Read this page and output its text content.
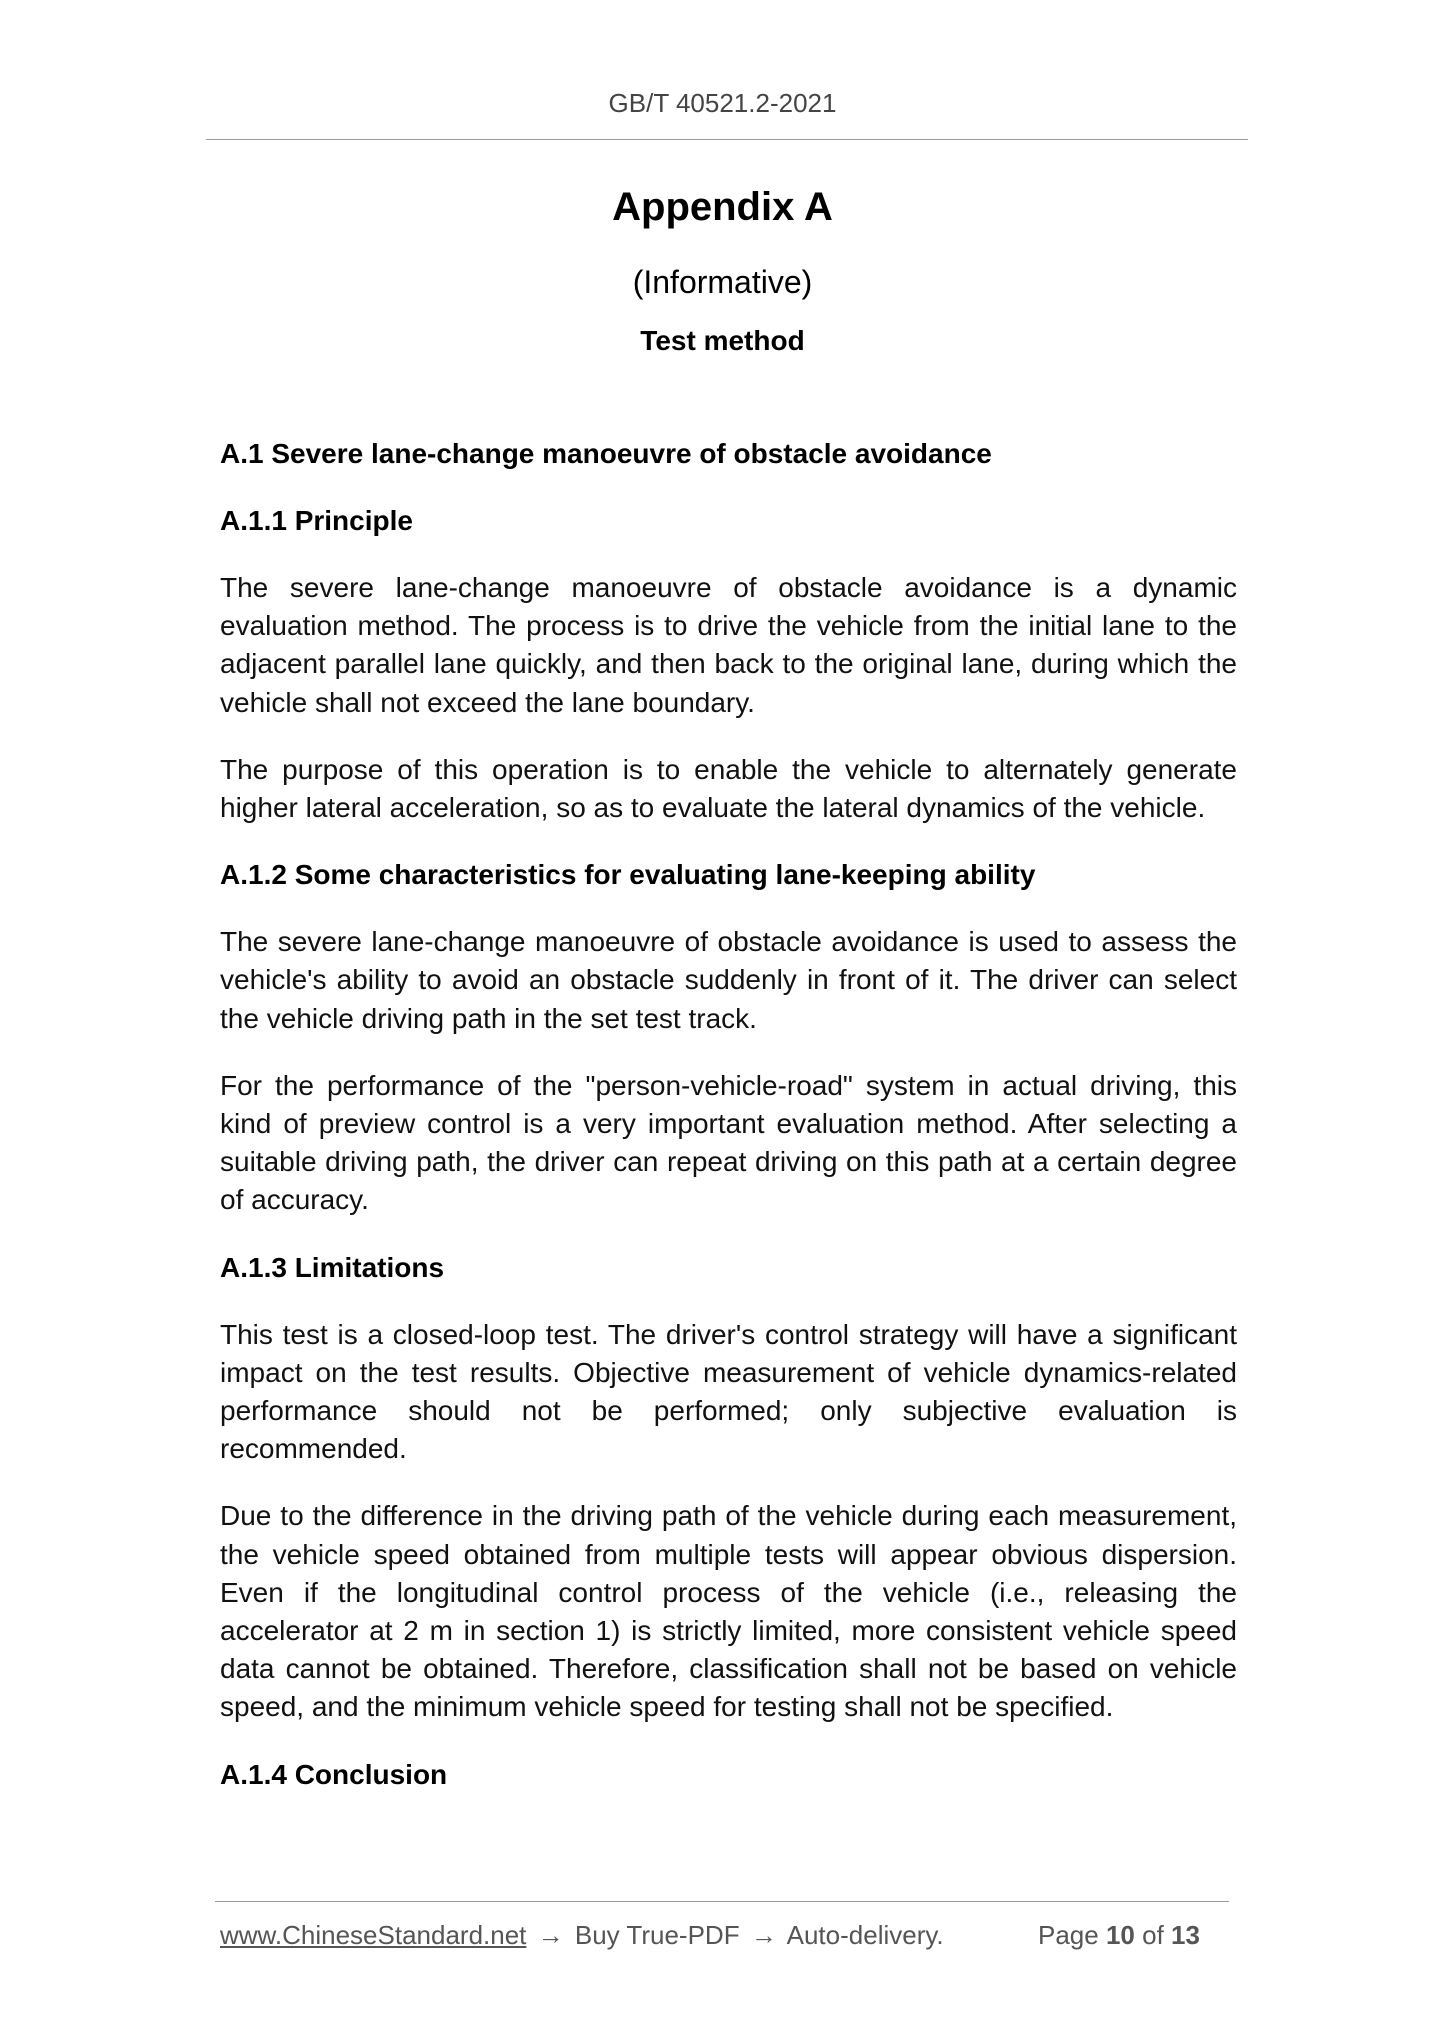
GB/T 40521.2-2021
Appendix A
(Informative)
Test method
A.1 Severe lane-change manoeuvre of obstacle avoidance
A.1.1 Principle
The severe lane-change manoeuvre of obstacle avoidance is a dynamic evaluation method. The process is to drive the vehicle from the initial lane to the adjacent parallel lane quickly, and then back to the original lane, during which the vehicle shall not exceed the lane boundary.
The purpose of this operation is to enable the vehicle to alternately generate higher lateral acceleration, so as to evaluate the lateral dynamics of the vehicle.
A.1.2 Some characteristics for evaluating lane-keeping ability
The severe lane-change manoeuvre of obstacle avoidance is used to assess the vehicle's ability to avoid an obstacle suddenly in front of it. The driver can select the vehicle driving path in the set test track.
For the performance of the "person-vehicle-road" system in actual driving, this kind of preview control is a very important evaluation method. After selecting a suitable driving path, the driver can repeat driving on this path at a certain degree of accuracy.
A.1.3 Limitations
This test is a closed-loop test. The driver's control strategy will have a significant impact on the test results. Objective measurement of vehicle dynamics-related performance should not be performed; only subjective evaluation is recommended.
Due to the difference in the driving path of the vehicle during each measurement, the vehicle speed obtained from multiple tests will appear obvious dispersion. Even if the longitudinal control process of the vehicle (i.e., releasing the accelerator at 2 m in section 1) is strictly limited, more consistent vehicle speed data cannot be obtained. Therefore, classification shall not be based on vehicle speed, and the minimum vehicle speed for testing shall not be specified.
A.1.4 Conclusion
www.ChineseStandard.net → Buy True-PDF → Auto-delivery.	Page 10 of 13
